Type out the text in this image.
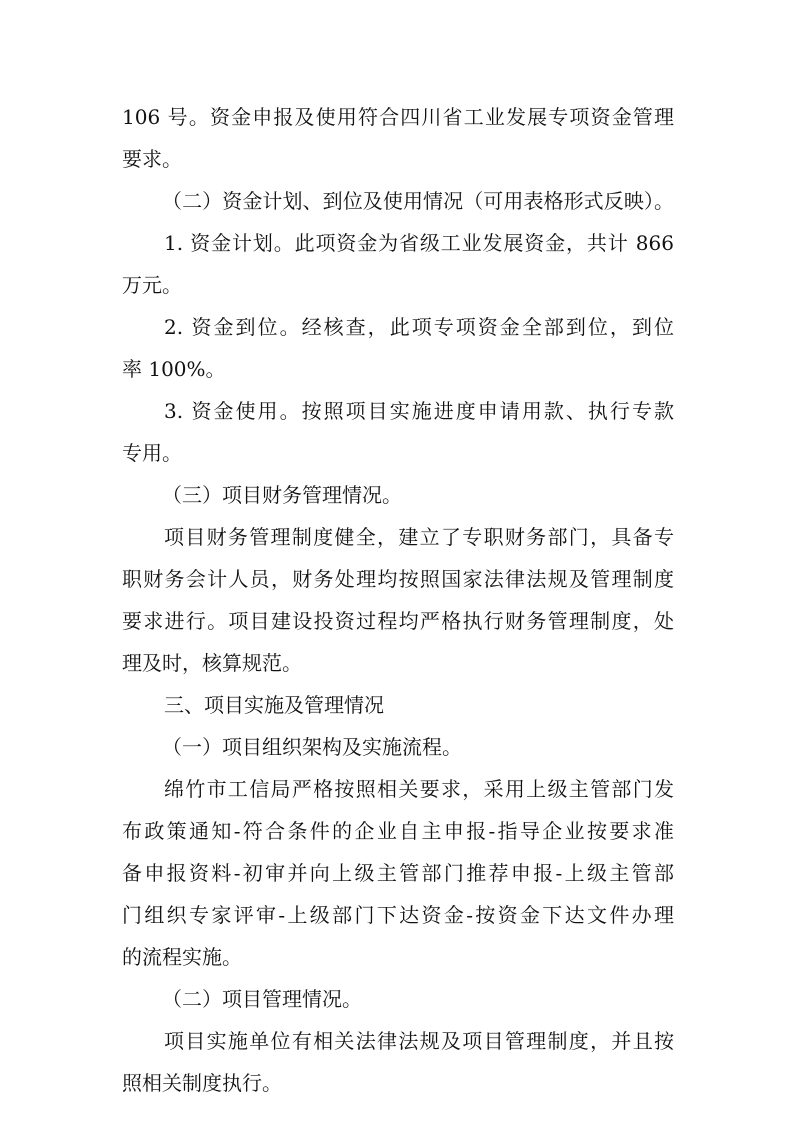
106 号。资金申报及使用符合四川省工业发展专项资金管理
要求。
（二）资金计划、到位及使用情况（可用表格形式反映）。
1. 资金计划。此项资金为省级工业发展资金，共计 866
万元。
2. 资金到位。经核查，此项专项资金全部到位，到位
率 100%。
3. 资金使用。按照项目实施进度申请用款、执行专款
专用。
（三）项目财务管理情况。
项目财务管理制度健全，建立了专职财务部门，具备专
职财务会计人员，财务处理均按照国家法律法规及管理制度
要求进行。项目建设投资过程均严格执行财务管理制度，处
理及时，核算规范。
三、项目实施及管理情况
（一）项目组织架构及实施流程。
绵竹市工信局严格按照相关要求，采用上级主管部门发
布政策通知-符合条件的企业自主申报-指导企业按要求准
备申报资料-初审并向上级主管部门推荐申报-上级主管部
门组织专家评审-上级部门下达资金-按资金下达文件办理
的流程实施。
（二）项目管理情况。
项目实施单位有相关法律法规及项目管理制度，并且按
照相关制度执行。
